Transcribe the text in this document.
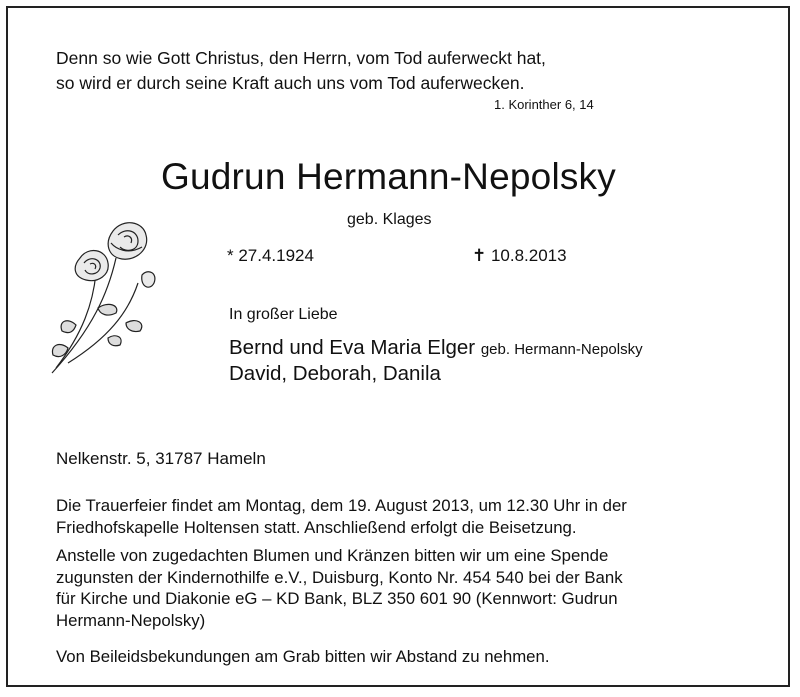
Denn so wie Gott Christus, den Herrn, vom Tod auferweckt hat,
so wird er durch seine Kraft auch uns vom Tod auferwecken.
1. Korinther 6, 14
Gudrun Hermann-Nepolsky
geb. Klages
* 27.4.1924	✝ 10.8.2013
In großer Liebe
Bernd und Eva Maria Elger geb. Hermann-Nepolsky
David, Deborah, Danila
Nelkenstr. 5, 31787 Hameln
Die Trauerfeier findet am Montag, dem 19. August 2013, um 12.30 Uhr in der
Friedhofskapelle Holtensen statt. Anschließend erfolgt die Beisetzung.
Anstelle von zugedachten Blumen und Kränzen bitten wir um eine Spende
zugunsten der Kindernothilfe e.V., Duisburg, Konto Nr. 454 540 bei der Bank
für Kirche und Diakonie eG – KD Bank, BLZ 350 601 90 (Kennwort: Gudrun
Hermann-Nepolsky)
Von Beileidsbekundungen am Grab bitten wir Abstand zu nehmen.
